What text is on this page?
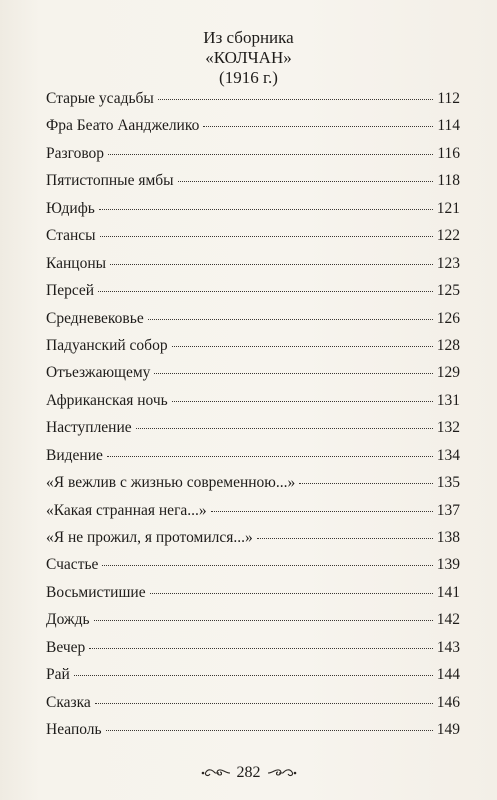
Из сборника
«КОЛЧАН»
(1916 г.)
Старые усадьбы	112
Фра Беато Аанджелико	114
Разговор	116
Пятистопные ямбы	118
Юдифь	121
Стансы	122
Канцоны	123
Персей	125
Средневековье	126
Падуанский собор	128
Отъезжающему	129
Африканская ночь	131
Наступление	132
Видение	134
«Я вежлив с жизнью современною...»	135
«Какая странная нега...»	137
«Я не прожил, я протомился...»	138
Счастье	139
Восьмистишие	141
Дождь	142
Вечер	143
Рай	144
Сказка	146
Неаполь	149
282
